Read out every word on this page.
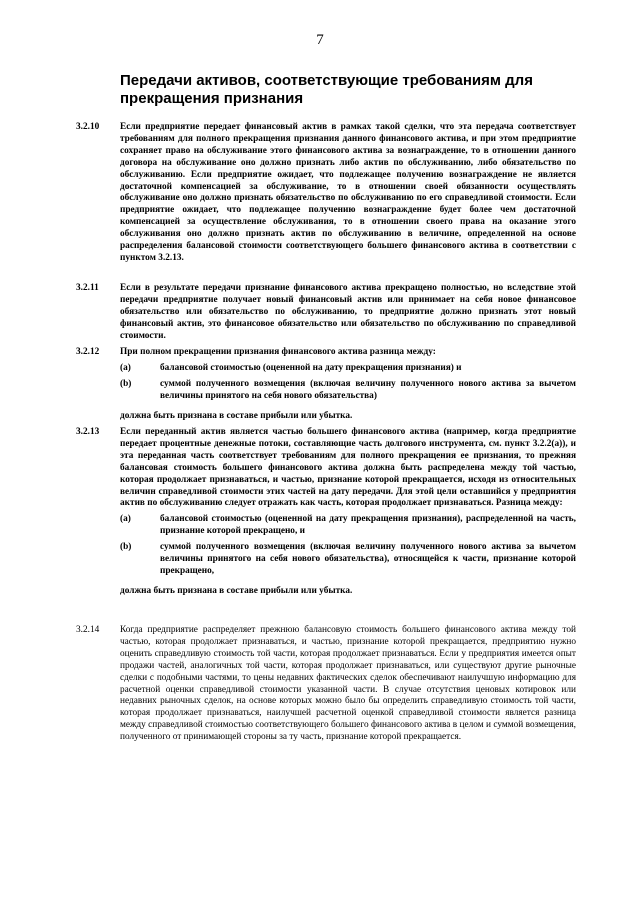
7
Передачи активов, соответствующие требованиям для прекращения признания
3.2.10	Если предприятие передает финансовый актив в рамках такой сделки, что эта передача соответствует требованиям для полного прекращения признания данного финансового актива, и при этом предприятие сохраняет право на обслуживание этого финансового актива за вознаграждение, то в отношении данного договора на обслуживание оно должно признать либо актив по обслуживанию, либо обязательство по обслуживанию. Если предприятие ожидает, что подлежащее получению вознаграждение не является достаточной компенсацией за обслуживание, то в отношении своей обязанности осуществлять обслуживание оно должно признать обязательство по обслуживанию по его справедливой стоимости. Если предприятие ожидает, что подлежащее получению вознаграждение будет более чем достаточной компенсацией за осуществление обслуживания, то в отношении своего права на оказание этого обслуживания оно должно признать актив по обслуживанию в величине, определенной на основе распределения балансовой стоимости соответствующего большего финансового актива в соответствии с пунктом 3.2.13.
3.2.11	Если в результате передачи признание финансового актива прекращено полностью, но вследствие этой передачи предприятие получает новый финансовый актив или принимает на себя новое финансовое обязательство или обязательство по обслуживанию, то предприятие должно признать этот новый финансовый актив, это финансовое обязательство или обязательство по обслуживанию по справедливой стоимости.
3.2.12	При полном прекращении признания финансового актива разница между:
(a)	балансовой стоимостью (оцененной на дату прекращения признания) и
(b)	суммой полученного возмещения (включая величину полученного нового актива за вычетом величины принятого на себя нового обязательства)
должна быть признана в составе прибыли или убытка.
3.2.13	Если переданный актив является частью большего финансового актива (например, когда предприятие передает процентные денежные потоки, составляющие часть долгового инструмента, см. пункт 3.2.2(a)), и эта переданная часть соответствует требованиям для полного прекращения ее признания, то прежняя балансовая стоимость большего финансового актива должна быть распределена между той частью, которая продолжает признаваться, и частью, признание которой прекращается, исходя из относительных величин справедливой стоимости этих частей на дату передачи. Для этой цели оставшийся у предприятия актив по обслуживанию следует отражать как часть, которая продолжает признаваться. Разница между:
(a)	балансовой стоимостью (оцененной на дату прекращения признания), распределенной на часть, признание которой прекращено, и
(b)	суммой полученного возмещения (включая величину полученного нового актива за вычетом величины принятого на себя нового обязательства), относящейся к части, признание которой прекращено,
должна быть признана в составе прибыли или убытка.
3.2.14	Когда предприятие распределяет прежнюю балансовую стоимость большего финансового актива между той частью, которая продолжает признаваться, и частью, признание которой прекращается, предприятию нужно оценить справедливую стоимость той части, которая продолжает признаваться. Если у предприятия имеется опыт продажи частей, аналогичных той части, которая продолжает признаваться, или существуют другие рыночные сделки с подобными частями, то цены недавних фактических сделок обеспечивают наилучшую информацию для расчетной оценки справедливой стоимости указанной части. В случае отсутствия ценовых котировок или недавних рыночных сделок, на основе которых можно было бы определить справедливую стоимость той части, которая продолжает признаваться, наилучшей расчетной оценкой справедливой стоимости является разница между справедливой стоимостью соответствующего большего финансового актива в целом и суммой возмещения, полученного от принимающей стороны за ту часть, признание которой прекращается.
